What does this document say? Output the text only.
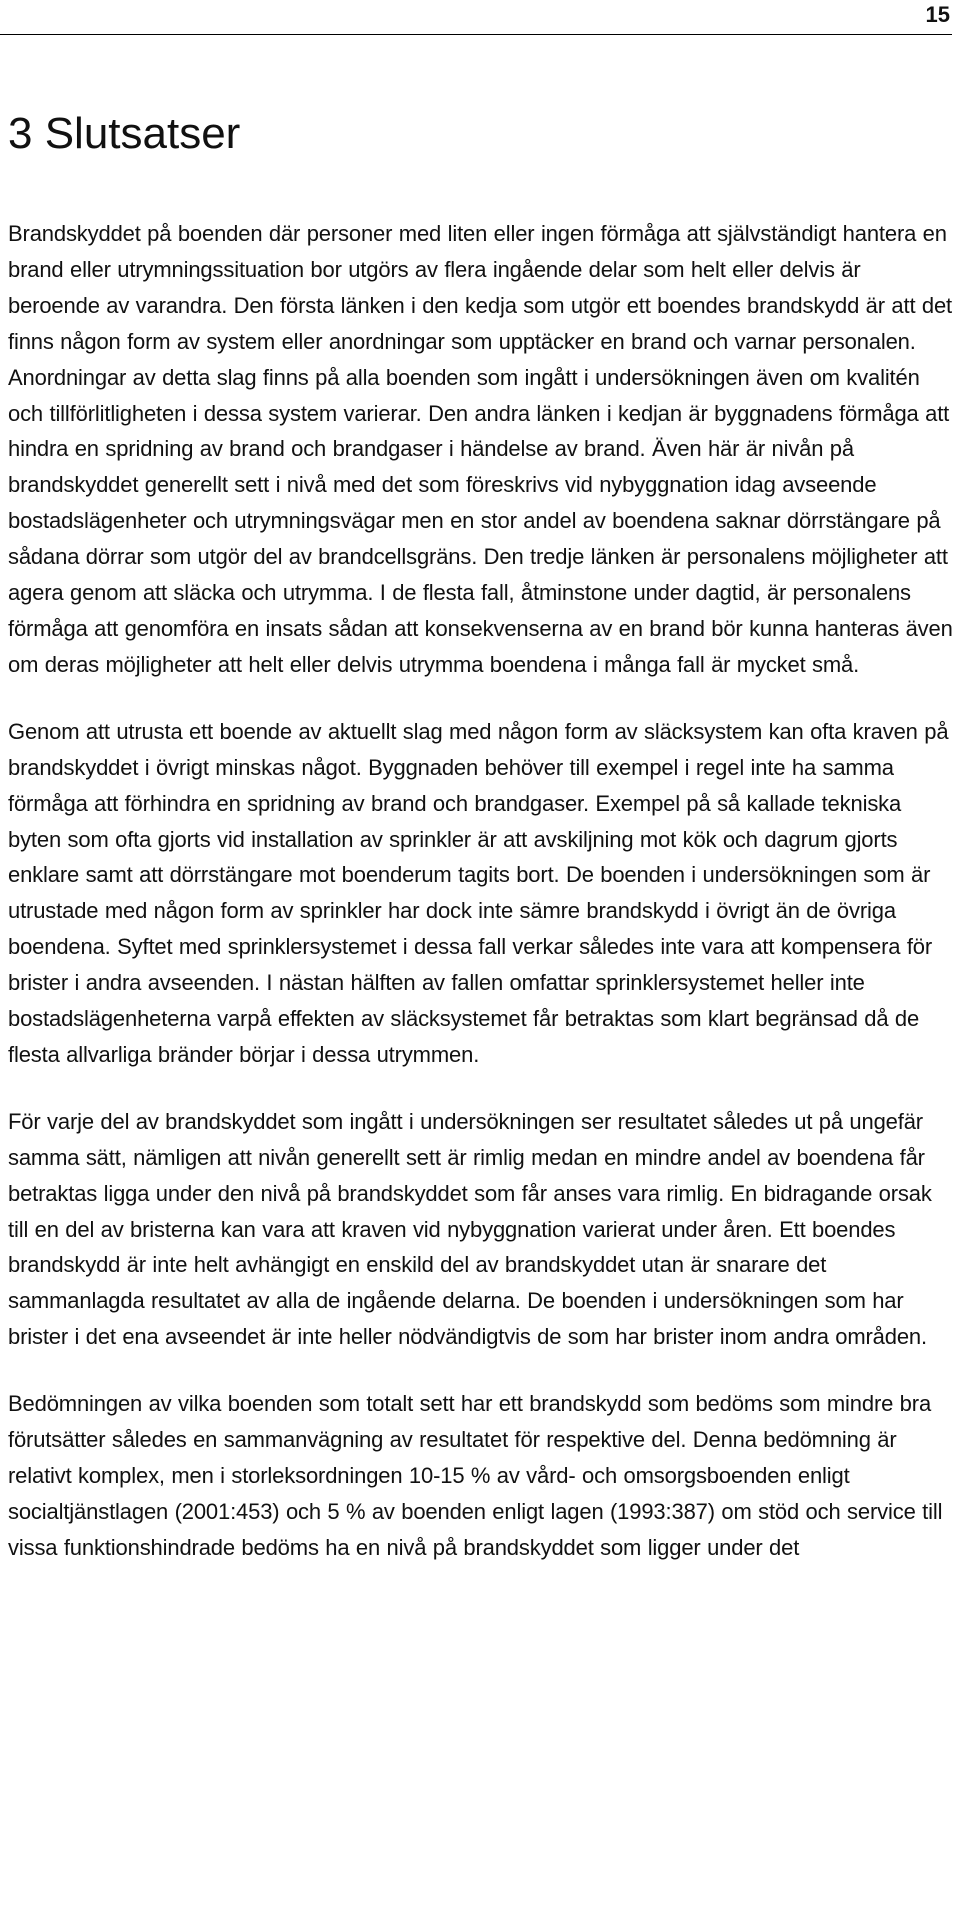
15
3 Slutsatser

Brandskyddet på boenden där personer med liten eller ingen förmåga att självständigt hantera en brand eller utrymningssituation bor utgörs av flera ingående delar som helt eller delvis är beroende av varandra. Den första länken i den kedja som utgör ett boendes brandskydd är att det finns någon form av system eller anordningar som upptäcker en brand och varnar personalen. Anordningar av detta slag finns på alla boenden som ingått i undersökningen även om kvalitén och tillförlitligheten i dessa system varierar. Den andra länken i kedjan är byggnadens förmåga att hindra en spridning av brand och brandgaser i händelse av brand. Även här är nivån på brandskyddet generellt sett i nivå med det som föreskrivs vid nybyggnation idag avseende bostadslägenheter och utrymningsvägar men en stor andel av boendena saknar dörrstängare på sådana dörrar som utgör del av brandcellsgräns. Den tredje länken är personalens möjligheter att agera genom att släcka och utrymma. I de flesta fall, åtminstone under dagtid, är personalens förmåga att genomföra en insats sådan att konsekvenserna av en brand bör kunna hanteras även om deras möjligheter att helt eller delvis utrymma boendena i många fall är mycket små.

Genom att utrusta ett boende av aktuellt slag med någon form av släcksystem kan ofta kraven på brandskyddet i övrigt minskas något. Byggnaden behöver till exempel i regel inte ha samma förmåga att förhindra en spridning av brand och brandgaser. Exempel på så kallade tekniska byten som ofta gjorts vid installation av sprinkler är att avskiljning mot kök och dagrum gjorts enklare samt att dörrstängare mot boenderum tagits bort. De boenden i undersökningen som är utrustade med någon form av sprinkler har dock inte sämre brandskydd i övrigt än de övriga boendena. Syftet med sprinklersystemet i dessa fall verkar således inte vara att kompensera för brister i andra avseenden. I nästan hälften av fallen omfattar sprinklersystemet heller inte bostadslägenheterna varpå effekten av släcksystemet får betraktas som klart begränsad då de flesta allvarliga bränder börjar i dessa utrymmen.

För varje del av brandskyddet som ingått i undersökningen ser resultatet således ut på ungefär samma sätt, nämligen att nivån generellt sett är rimlig medan en mindre andel av boendena får betraktas ligga under den nivå på brandskyddet som får anses vara rimlig. En bidragande orsak till en del av bristerna kan vara att kraven vid nybyggnation varierat under åren. Ett boendes brandskydd är inte helt avhängigt en enskild del av brandskyddet utan är snarare det sammanlagda resultatet av alla de ingående delarna. De boenden i undersökningen som har brister i det ena avseendet är inte heller nödvändigtvis de som har brister inom andra områden.

Bedömningen av vilka boenden som totalt sett har ett brandskydd som bedöms som mindre bra förutsätter således en sammanvägning av resultatet för respektive del. Denna bedömning är relativt komplex, men i storleksordningen 10-15 % av vård- och omsorgsboenden enligt socialtjänstlagen (2001:453) och 5 % av boenden enligt lagen (1993:387) om stöd och service till vissa funktionshindrade bedöms ha en nivå på brandskyddet som ligger under det
